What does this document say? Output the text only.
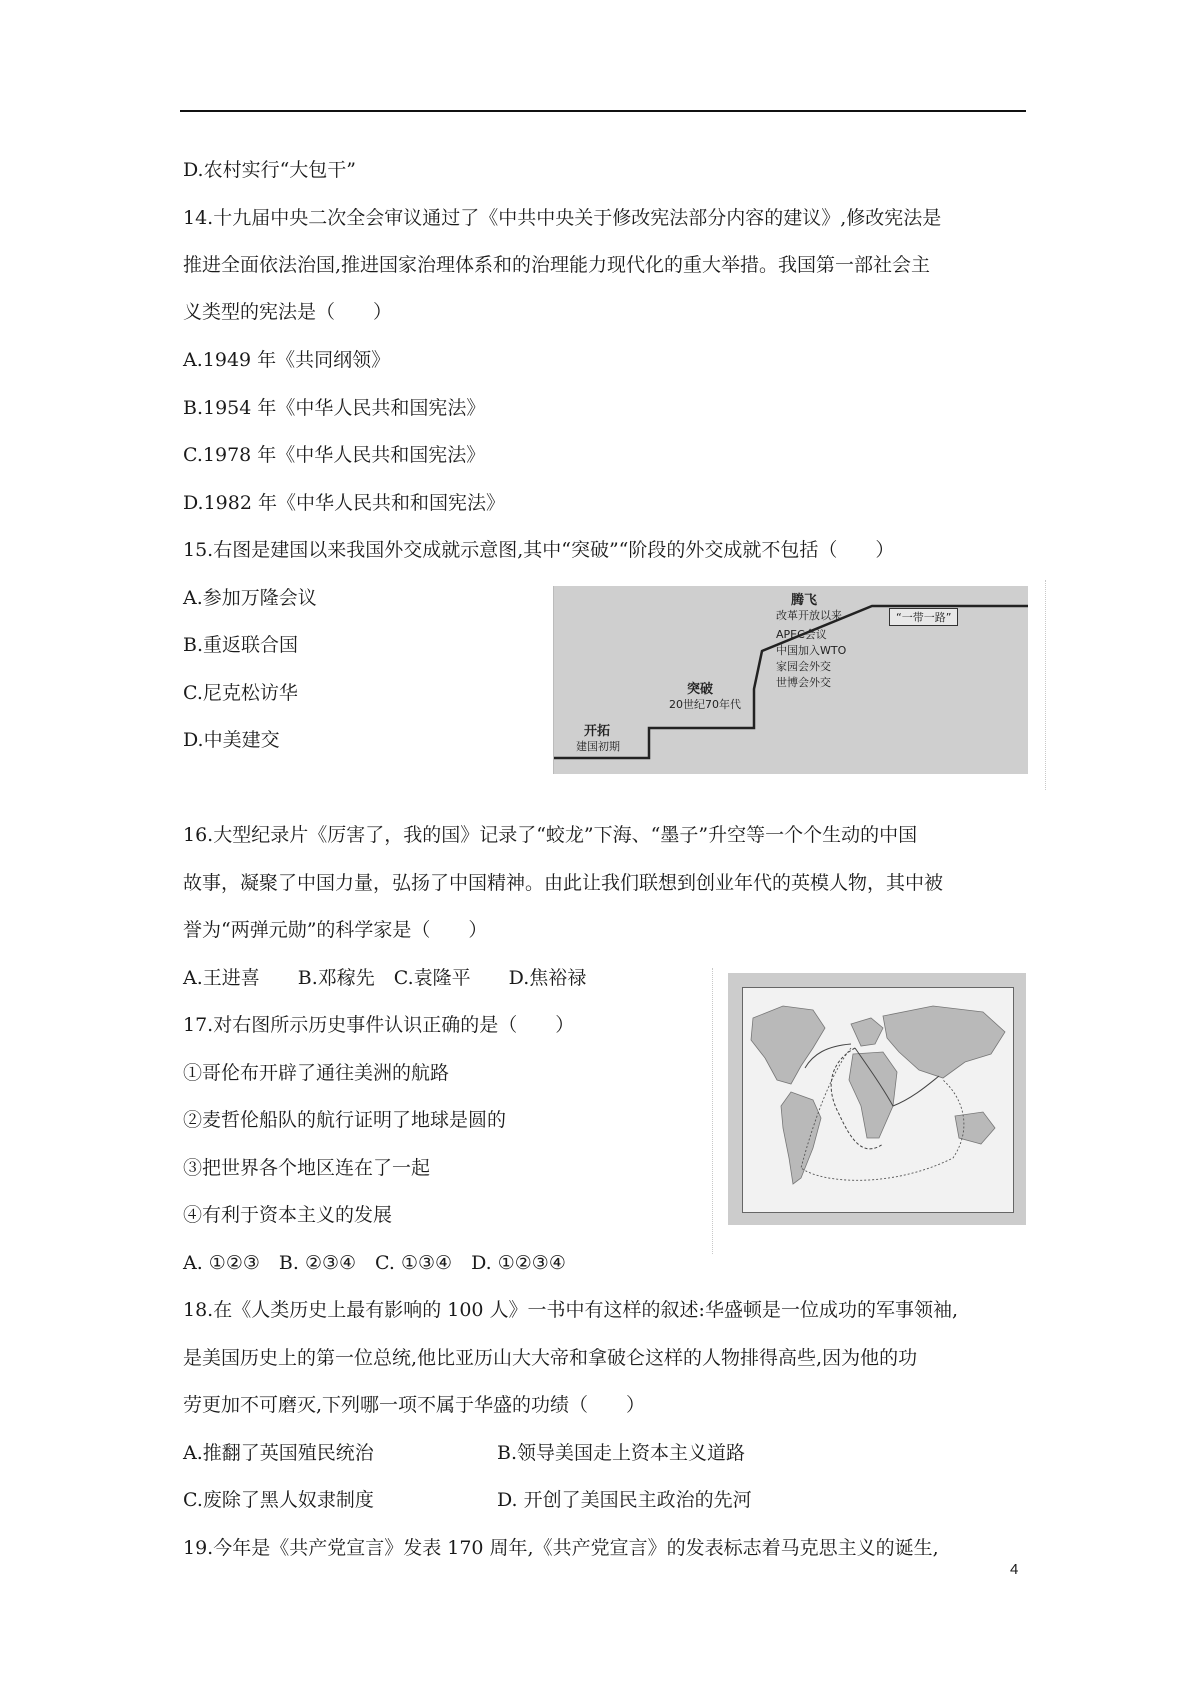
D.农村实行“大包干”
14.十九届中央二次全会审议通过了《中共中央关于修改宪法部分内容的建议》,修改宪法是
推进全面依法治国,推进国家治理体系和的治理能力现代化的重大举措。我国第一部社会主
义类型的宪法是（　　）
A.1949 年《共同纲领》
B.1954 年《中华人民共和国宪法》
C.1978 年《中华人民共和国宪法》
D.1982 年《中华人民共和和国宪法》
15.右图是建国以来我国外交成就示意图,其中“突破”“阶段的外交成就不包括（　　）
A.参加万隆会议
B.重返联合国
C.尼克松访华
D.中美建交	开拓
建国初期
突破
20世纪70年代
腾飞
改革开放以来
APEC会议
中国加入WTO
家园会外交
世博会外交
“一带一路”
16.大型纪录片《厉害了，我的国》记录了“蛟龙”下海、“墨子”升空等一个个生动的中国
故事，凝聚了中国力量，弘扬了中国精神。由此让我们联想到创业年代的英模人物，其中被
誉为“两弹元勋”的科学家是（　　）
A.王进喜　　B.邓稼先　C.袁隆平　　D.焦裕禄
17.对右图所示历史事件认识正确的是（　　）
①哥伦布开辟了通往美洲的航路
②麦哲伦船队的航行证明了地球是圆的
③把世界各个地区连在了一起
④有利于资本主义的发展
A. ①②③　B. ②③④　C. ①③④　D. ①②③④
18.在《人类历史上最有影响的 100 人》一书中有这样的叙述:华盛顿是一位成功的军事领袖,
是美国历史上的第一位总统,他比亚历山大大帝和拿破仑这样的人物排得高些,因为他的功
劳更加不可磨灭,下列哪一项不属于华盛的功绩（　　）
A.推翻了英国殖民统治	B.领导美国走上资本主义道路
C.废除了黑人奴隶制度	D. 开创了美国民主政治的先河
19.今年是《共产党宣言》发表 170 周年,《共产党宣言》的发表标志着马克思主义的诞生,
4
